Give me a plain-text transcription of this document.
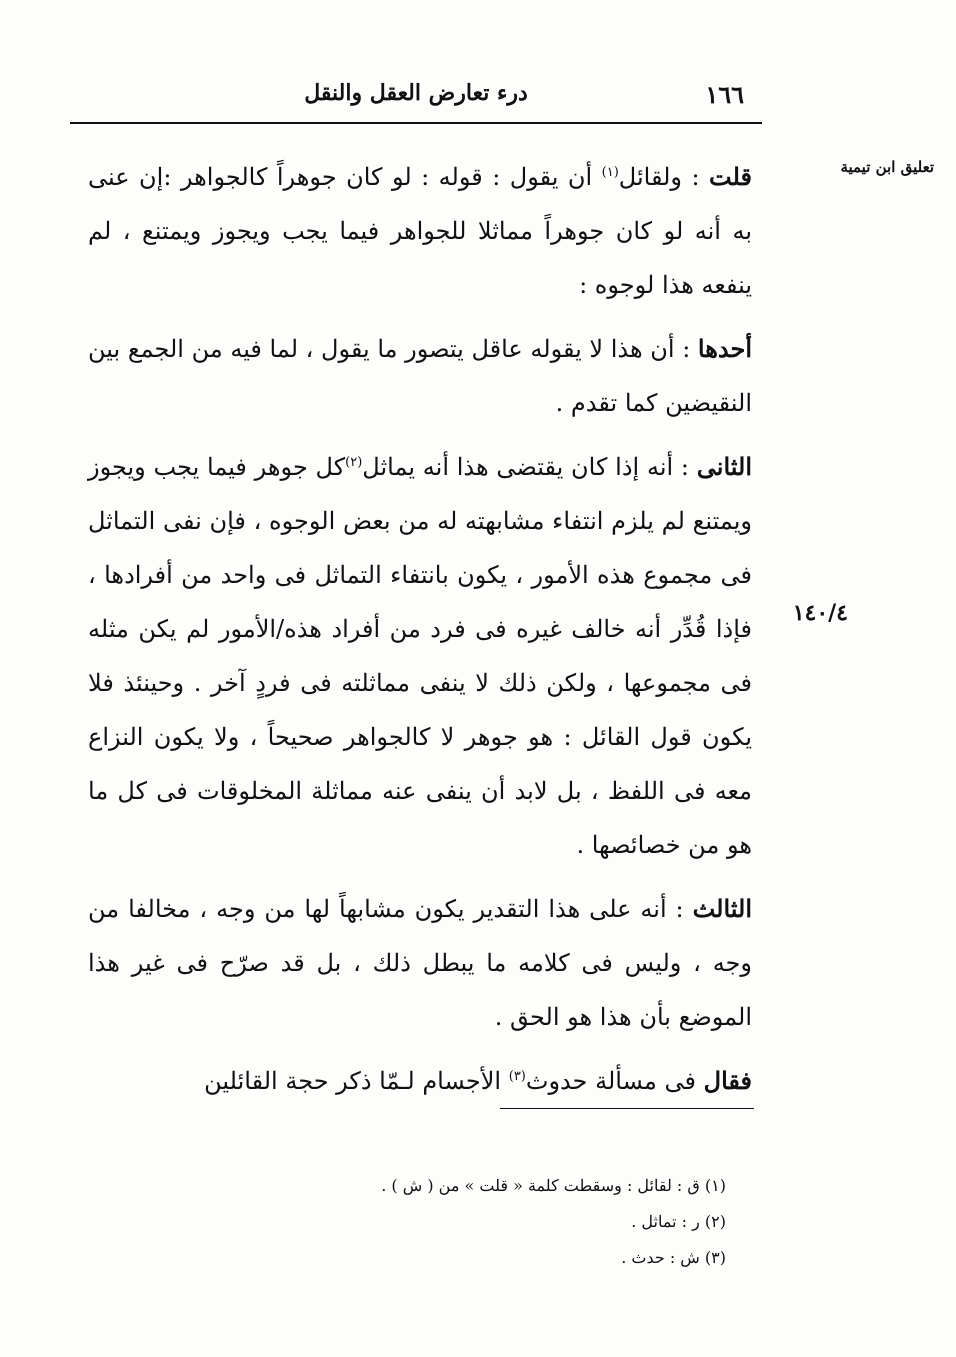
١٦٦
درء تعارض العقل والنقل
تعليق ابن تيمية
١٤٠/٤

قلت : ولقائل$^{(١)}$ أن يقول : قوله : لو كان جوهراً كالجواهر :إن عنى به أنه لو كان جوهراً مماثلا للجواهر فيما يجب ويجوز ويمتنع ، لم ينفعه هذا لوجوه :

أحدها : أن هذا لا يقوله عاقل يتصور ما يقول ، لما فيه من الجمع بين النقيضين كما تقدم .

الثانى : أنه إذا كان يقتضى هذا أنه يماثل$^{(٢)}$كل جوهر فيما يجب ويجوز ويمتنع لم يلزم انتفاء مشابهته له من بعض الوجوه ، فإن نفى التماثل فى مجموع هذه الأمور ، يكون بانتفاء التماثل فى واحد من أفرادها ، فإذا قُدِّر أنه خالف غيره فى فرد من أفراد هذه/الأمور لم يكن مثله فى مجموعها ، ولكن ذلك لا ينفى مماثلته فى فردٍ آخر . وحينئذ فلا يكون قول القائل : هو جوهر لا كالجواهر صحيحاً ، ولا يكون النزاع معه فى اللفظ ، بل لابد أن ينفى عنه مماثلة المخلوقات فى كل ما هو من خصائصها .

الثالث : أنه على هذا التقدير يكون مشابهاً لها من وجه ، مخالفا من وجه ، وليس فى كلامه ما يبطل ذلك ، بل قد صرّح فى غير هذا الموضع بأن هذا هو الحق .

فقال فى مسألة حدوث$^{(٣)}$ الأجسام لـمّا ذكر حجة القائلين

(١) ق : لقائل : وسقطت كلمة « قلت » من ( ش ) .
(٢) ر : تماثل .
(٣) ش : حدث .
